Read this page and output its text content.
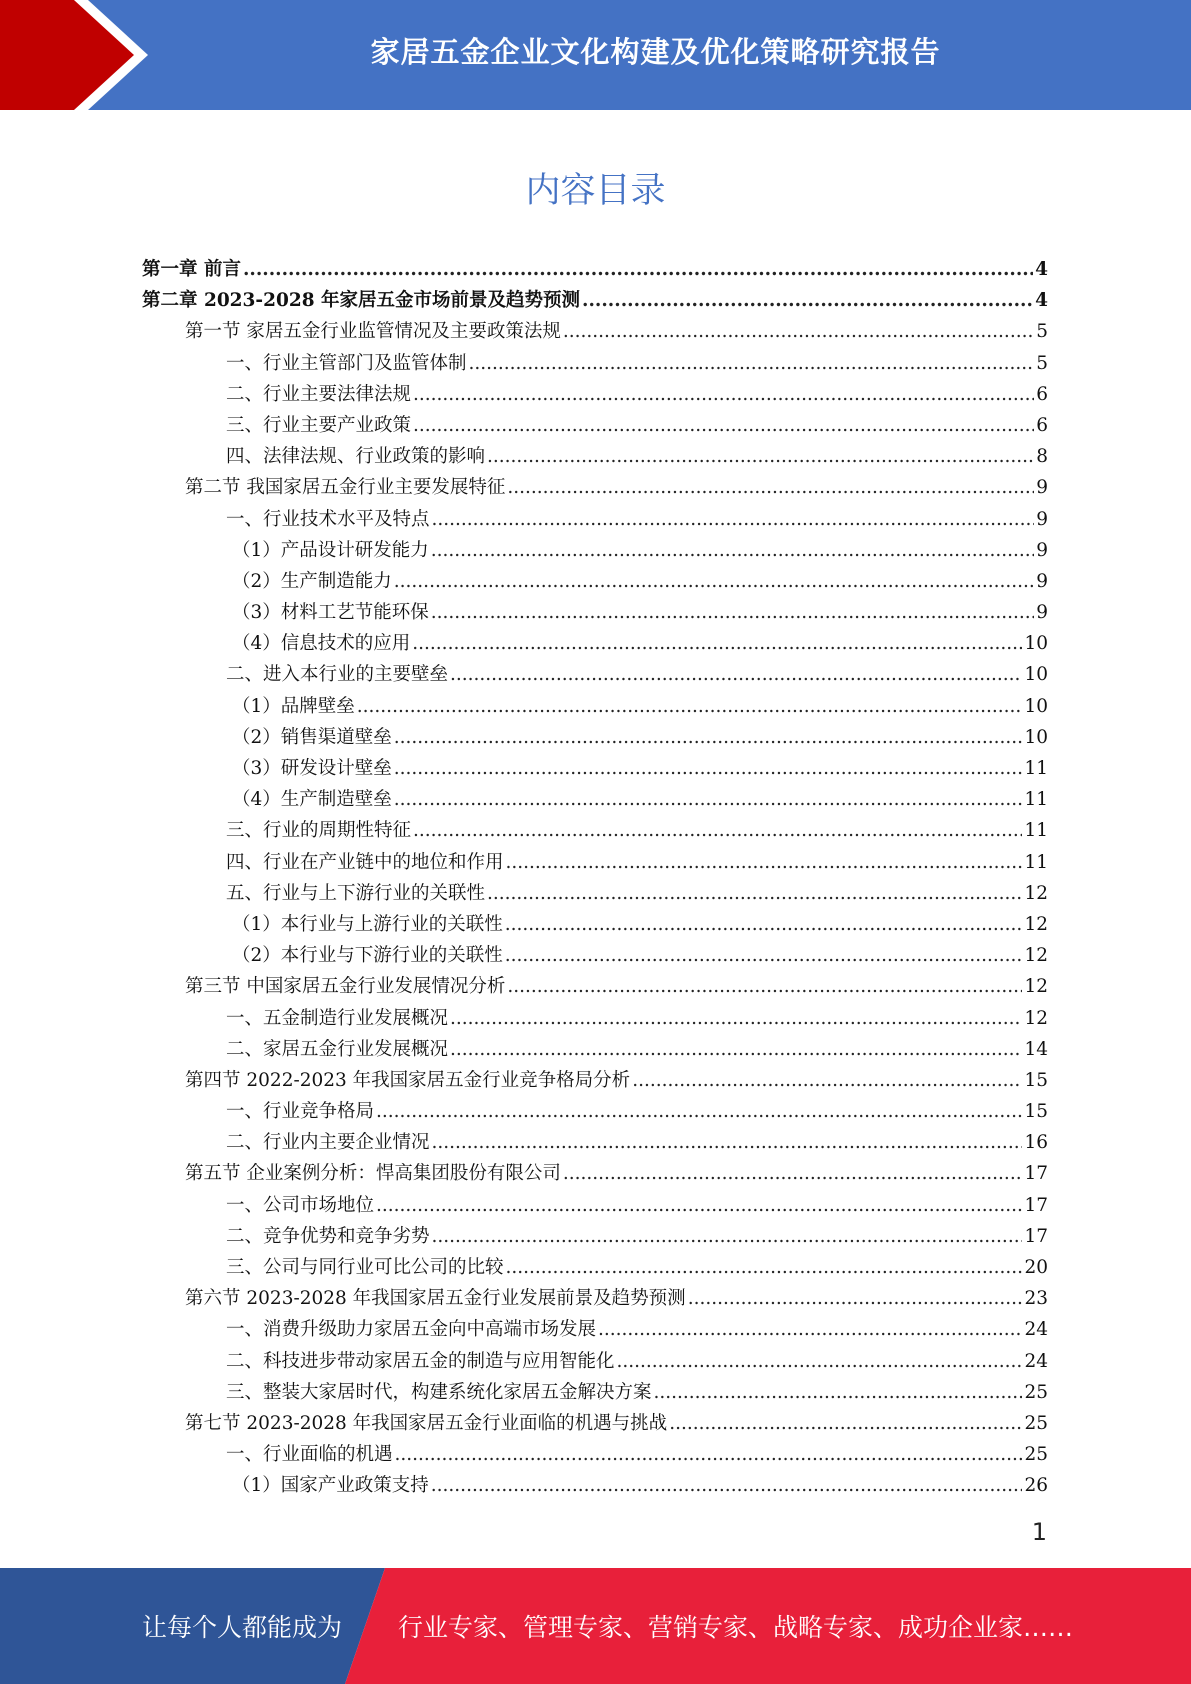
家居五金企业文化构建及优化策略研究报告
内容目录
第一章 前言 .....	4
第二章 2023-2028 年家居五金市场前景及趋势预测 .....	4
第一节 家居五金行业监管情况及主要政策法规 .....	5
一、行业主管部门及监管体制 .....	5
二、行业主要法律法规 .....	6
三、行业主要产业政策 .....	6
四、法律法规、行业政策的影响 .....	8
第二节 我国家居五金行业主要发展特征 .....	9
一、行业技术水平及特点 .....	9
（1）产品设计研发能力 .....	9
（2）生产制造能力 .....	9
（3）材料工艺节能环保 .....	9
（4）信息技术的应用 .....	10
二、进入本行业的主要壁垒 .....	10
（1）品牌壁垒 .....	10
（2）销售渠道壁垒 .....	10
（3）研发设计壁垒 .....	11
（4）生产制造壁垒 .....	11
三、行业的周期性特征 .....	11
四、行业在产业链中的地位和作用 .....	11
五、行业与上下游行业的关联性 .....	12
（1）本行业与上游行业的关联性 .....	12
（2）本行业与下游行业的关联性 .....	12
第三节 中国家居五金行业发展情况分析 .....	12
一、五金制造行业发展概况 .....	12
二、家居五金行业发展概况 .....	14
第四节 2022-2023 年我国家居五金行业竞争格局分析 .....	15
一、行业竞争格局 .....	15
二、行业内主要企业情况 .....	16
第五节 企业案例分析：悍高集团股份有限公司 .....	17
一、公司市场地位 .....	17
二、竞争优势和竞争劣势 .....	17
三、公司与同行业可比公司的比较 .....	20
第六节 2023-2028 年我国家居五金行业发展前景及趋势预测 .....	23
一、消费升级助力家居五金向中高端市场发展 .....	24
二、科技进步带动家居五金的制造与应用智能化 .....	24
三、整装大家居时代，构建系统化家居五金解决方案 .....	25
第七节 2023-2028 年我国家居五金行业面临的机遇与挑战 .....	25
一、行业面临的机遇 .....	25
（1）国家产业政策支持 .....	26
1
让每个人都能成为 行业专家、管理专家、营销专家、战略专家、成功企业家……
